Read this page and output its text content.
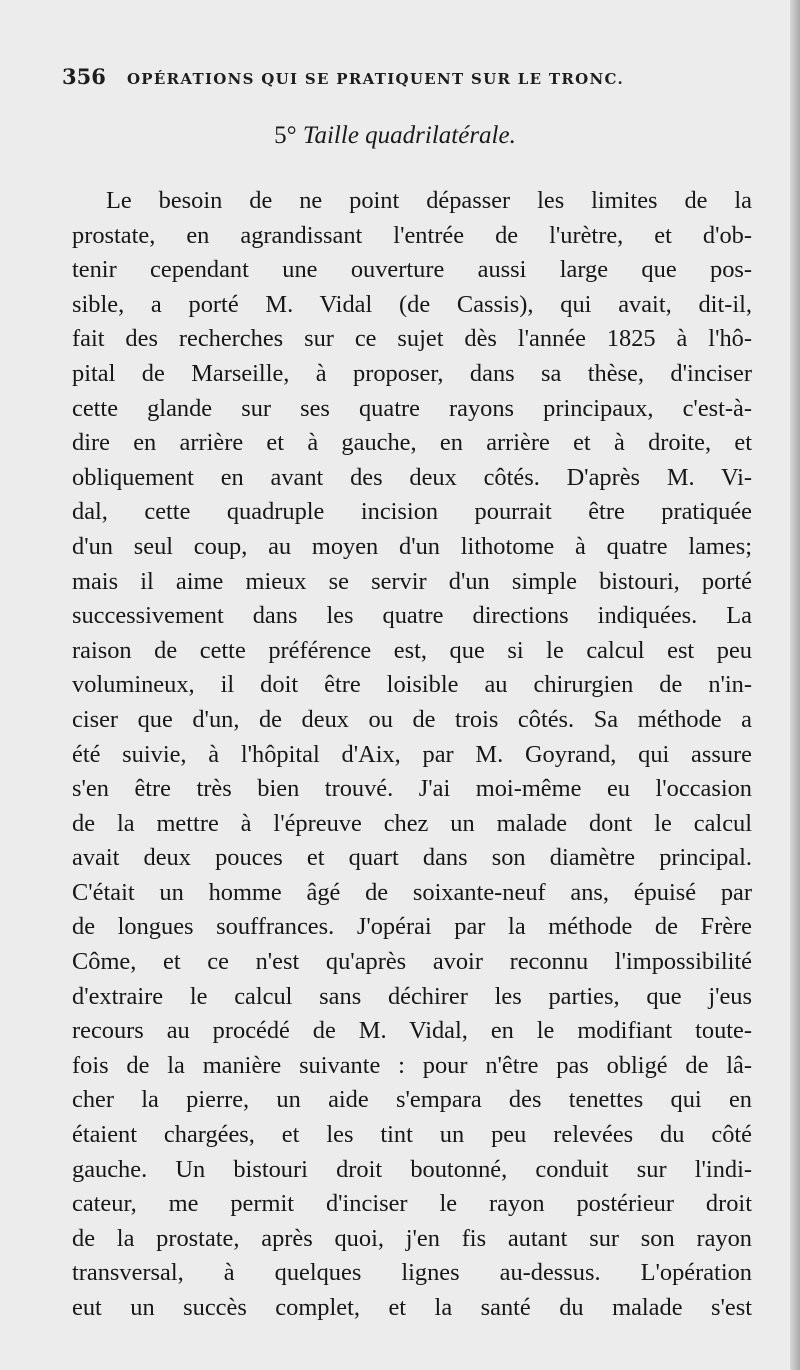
356 OPÉRATIONS QUI SE PRATIQUENT SUR LE TRONC.
5° Taille quadrilatérale.
Le besoin de ne point dépasser les limites de la
prostate, en agrandissant l'entrée de l'urètre, et d'ob-
tenir cependant une ouverture aussi large que pos-
sible, a porté M. Vidal (de Cassis), qui avait, dit-il,
fait des recherches sur ce sujet dès l'année 1825 à l'hô-
pital de Marseille, à proposer, dans sa thèse, d'inciser
cette glande sur ses quatre rayons principaux, c'est-à-
dire en arrière et à gauche, en arrière et à droite, et
obliquement en avant des deux côtés. D'après M. Vi-
dal, cette quadruple incision pourrait être pratiquée
d'un seul coup, au moyen d'un lithotome à quatre lames;
mais il aime mieux se servir d'un simple bistouri, porté
successivement dans les quatre directions indiquées. La
raison de cette préférence est, que si le calcul est peu
volumineux, il doit être loisible au chirurgien de n'in-
ciser que d'un, de deux ou de trois côtés. Sa méthode a
été suivie, à l'hôpital d'Aix, par M. Goyrand, qui assure
s'en être très bien trouvé. J'ai moi-même eu l'occasion
de la mettre à l'épreuve chez un malade dont le calcul
avait deux pouces et quart dans son diamètre principal.
C'était un homme âgé de soixante-neuf ans, épuisé par
de longues souffrances. J'opérai par la méthode de Frère
Côme, et ce n'est qu'après avoir reconnu l'impossibilité
d'extraire le calcul sans déchirer les parties, que j'eus
recours au procédé de M. Vidal, en le modifiant toute-
fois de la manière suivante : pour n'être pas obligé de lâ-
cher la pierre, un aide s'empara des tenettes qui en
étaient chargées, et les tint un peu relevées du côté
gauche. Un bistouri droit boutonné, conduit sur l'indi-
cateur, me permit d'inciser le rayon postérieur droit
de la prostate, après quoi, j'en fis autant sur son rayon
transversal, à quelques lignes au-dessus. L'opération
eut un succès complet, et la santé du malade s'est
